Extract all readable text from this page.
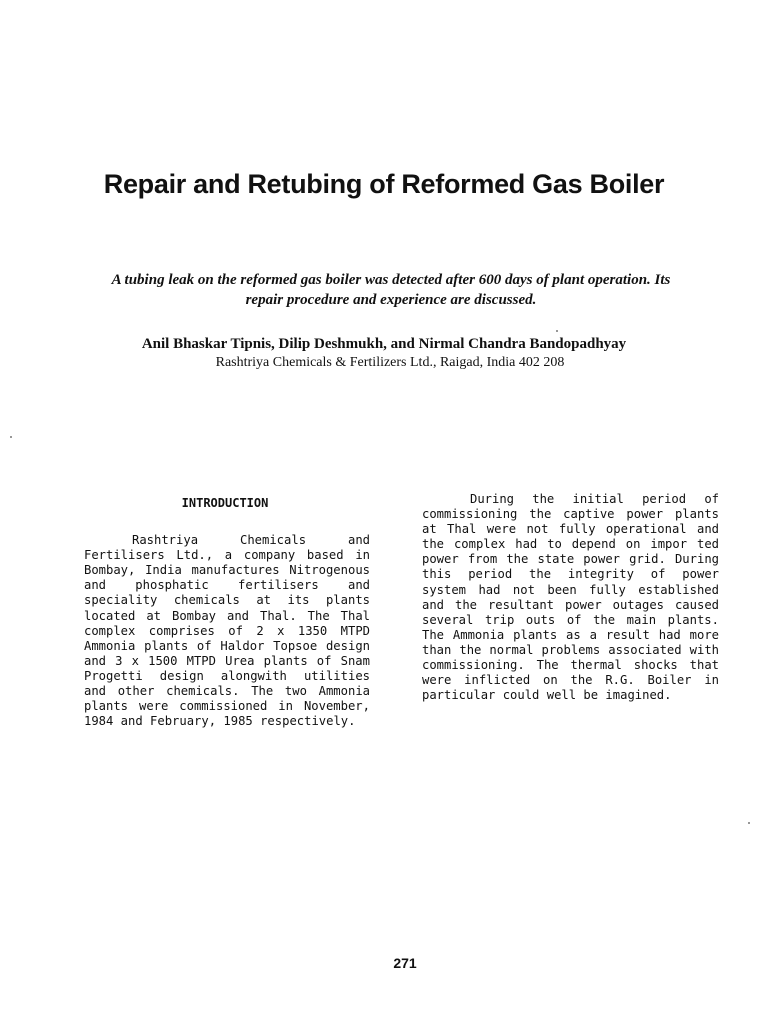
Repair and Retubing of Reformed Gas Boiler

A tubing leak on the reformed gas boiler was detected after 600 days of plant operation. Its repair procedure and experience are discussed.

Anil Bhaskar Tipnis, Dilip Deshmukh, and Nirmal Chandra Bandopadhyay

Rashtriya Chemicals & Fertilizers Ltd., Raigad, India 402 208

INTRODUCTION

Rashtriya Chemicals and Fertilisers Ltd., a company based in Bombay, India manufactures Nitrogenous and phosphatic fertilisers and speciality chemicals at its plants located at Bombay and Thal. The Thal complex comprises of 2 x 1350 MTPD Ammonia plants of Haldor Topsoe design and 3 x 1500 MTPD Urea plants of Snam Progetti design alongwith utilities and other chemicals. The two Ammonia plants were commissioned in November, 1984 and February, 1985 respectively.

During the initial period of commissioning the captive power plants at Thal were not fully operational and the complex had to depend on impor ted power from the state power grid. During this period the integrity of power system had not been fully established and the resultant power outages caused several trip outs of the main plants. The Ammonia plants as a result had more than the normal problems associated with commissioning. The thermal shocks that were inflicted on the R.G. Boiler in particular could well be imagined.

271
